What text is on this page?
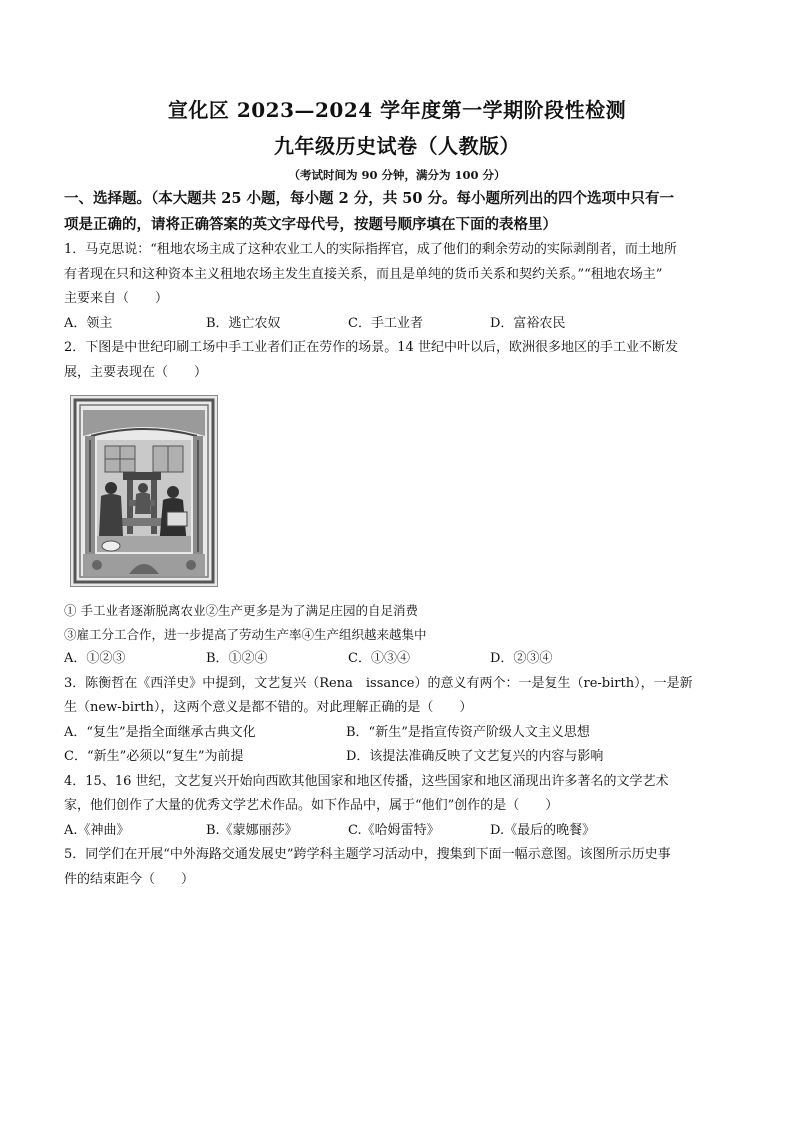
宣化区 2023—2024 学年度第一学期阶段性检测
九年级历史试卷（人教版）
（考试时间为 90 分钟，满分为 100 分）
一、选择题。（本大题共 25 小题，每小题 2 分，共 50 分。每小题所列出的四个选项中只有一
项是正确的，请将正确答案的英文字母代号，按题号顺序填在下面的表格里）

1．马克思说：“租地农场主成了这种农业工人的实际指挥官，成了他们的剩余劳动的实际剥削者，而土地所

有者现在只和这种资本主义租地农场主发生直接关系，而且是单纯的货币关系和契约关系。”“租地农场主”

主要来自（　　）

A．领主	B．逃亡农奴	C．手工业者	D．富裕农民

2．下图是中世纪印刷工场中手工业者们正在劳作的场景。14 世纪中叶以后，欧洲很多地区的手工业不断发

展，主要表现在（　　）

① 手工业者逐渐脱离农业②生产更多是为了满足庄园的自足消费

③雇工分工合作，进一步提高了劳动生产率④生产组织越来越集中

A．①②③	B．①②④	C．①③④	D．②③④

3．陈衡哲在《西洋史》中提到，文艺复兴（Rena　issance）的意义有两个：一是复生（re-birth），一是新

生（new-birth），这两个意义是都不错的。对此理解正确的是（　　）

A．“复生”是指全面继承古典文化	B．“新生”是指宣传资产阶级人文主义思想
C．“新生”必须以“复生”为前提	D．该提法准确反映了文艺复兴的内容与影响

4．15、16 世纪，文艺复兴开始向西欧其他国家和地区传播，这些国家和地区涌现出许多著名的文学艺术

家，他们创作了大量的优秀文学艺术作品。如下作品中，属于“他们”创作的是（　　）

A.《神曲》	B.《蒙娜丽莎》	C.《哈姆雷特》	D.《最后的晚餐》

5．同学们在开展“中外海路交通发展史”跨学科主题学习活动中，搜集到下面一幅示意图。该图所示历史事

件的结束距今（　　）
